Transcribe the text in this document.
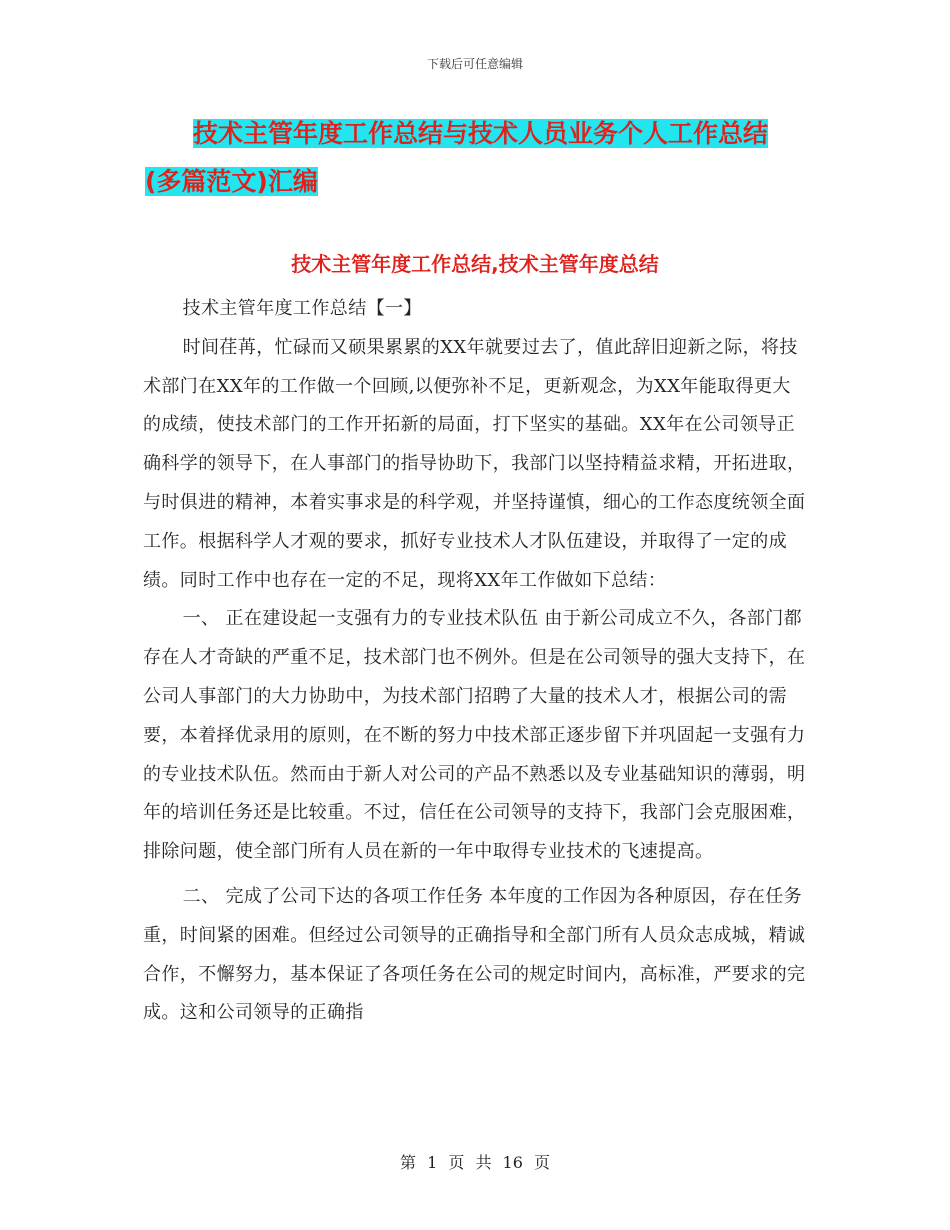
下载后可任意编辑
技术主管年度工作总结与技术人员业务个人工作总结
(多篇范文)汇编
技术主管年度工作总结,技术主管年度总结

技术主管年度工作总结【一】

时间荏苒，忙碌而又硕果累累的XX年就要过去了，值此辞旧迎新之际，将技术部门在XX年的工作做一个回顾,以便弥补不足，更新观念，为XX年能取得更大的成绩，使技术部门的工作开拓新的局面，打下坚实的基础。XX年在公司领导正确科学的领导下，在人事部门的指导协助下，我部门以坚持精益求精，开拓进取，与时俱进的精神，本着实事求是的科学观，并坚持谨慎，细心的工作态度统领全面工作。根据科学人才观的要求，抓好专业技术人才队伍建设，并取得了一定的成绩。同时工作中也存在一定的不足，现将XX年工作做如下总结：

一、 正在建设起一支强有力的专业技术队伍 由于新公司成立不久，各部门都存在人才奇缺的严重不足，技术部门也不例外。但是在公司领导的强大支持下，在公司人事部门的大力协助中，为技术部门招聘了大量的技术人才，根据公司的需要，本着择优录用的原则，在不断的努力中技术部正逐步留下并巩固起一支强有力的专业技术队伍。然而由于新人对公司的产品不熟悉以及专业基础知识的薄弱，明年的培训任务还是比较重。不过，信任在公司领导的支持下，我部门会克服困难，排除问题，使全部门所有人员在新的一年中取得专业技术的飞速提高。

二、 完成了公司下达的各项工作任务 本年度的工作因为各种原因，存在任务重，时间紧的困难。但经过公司领导的正确指导和全部门所有人员众志成城，精诚合作，不懈努力，基本保证了各项任务在公司的规定时间内，高标准，严要求的完成。这和公司领导的正确指

第 1 页 共 16 页
